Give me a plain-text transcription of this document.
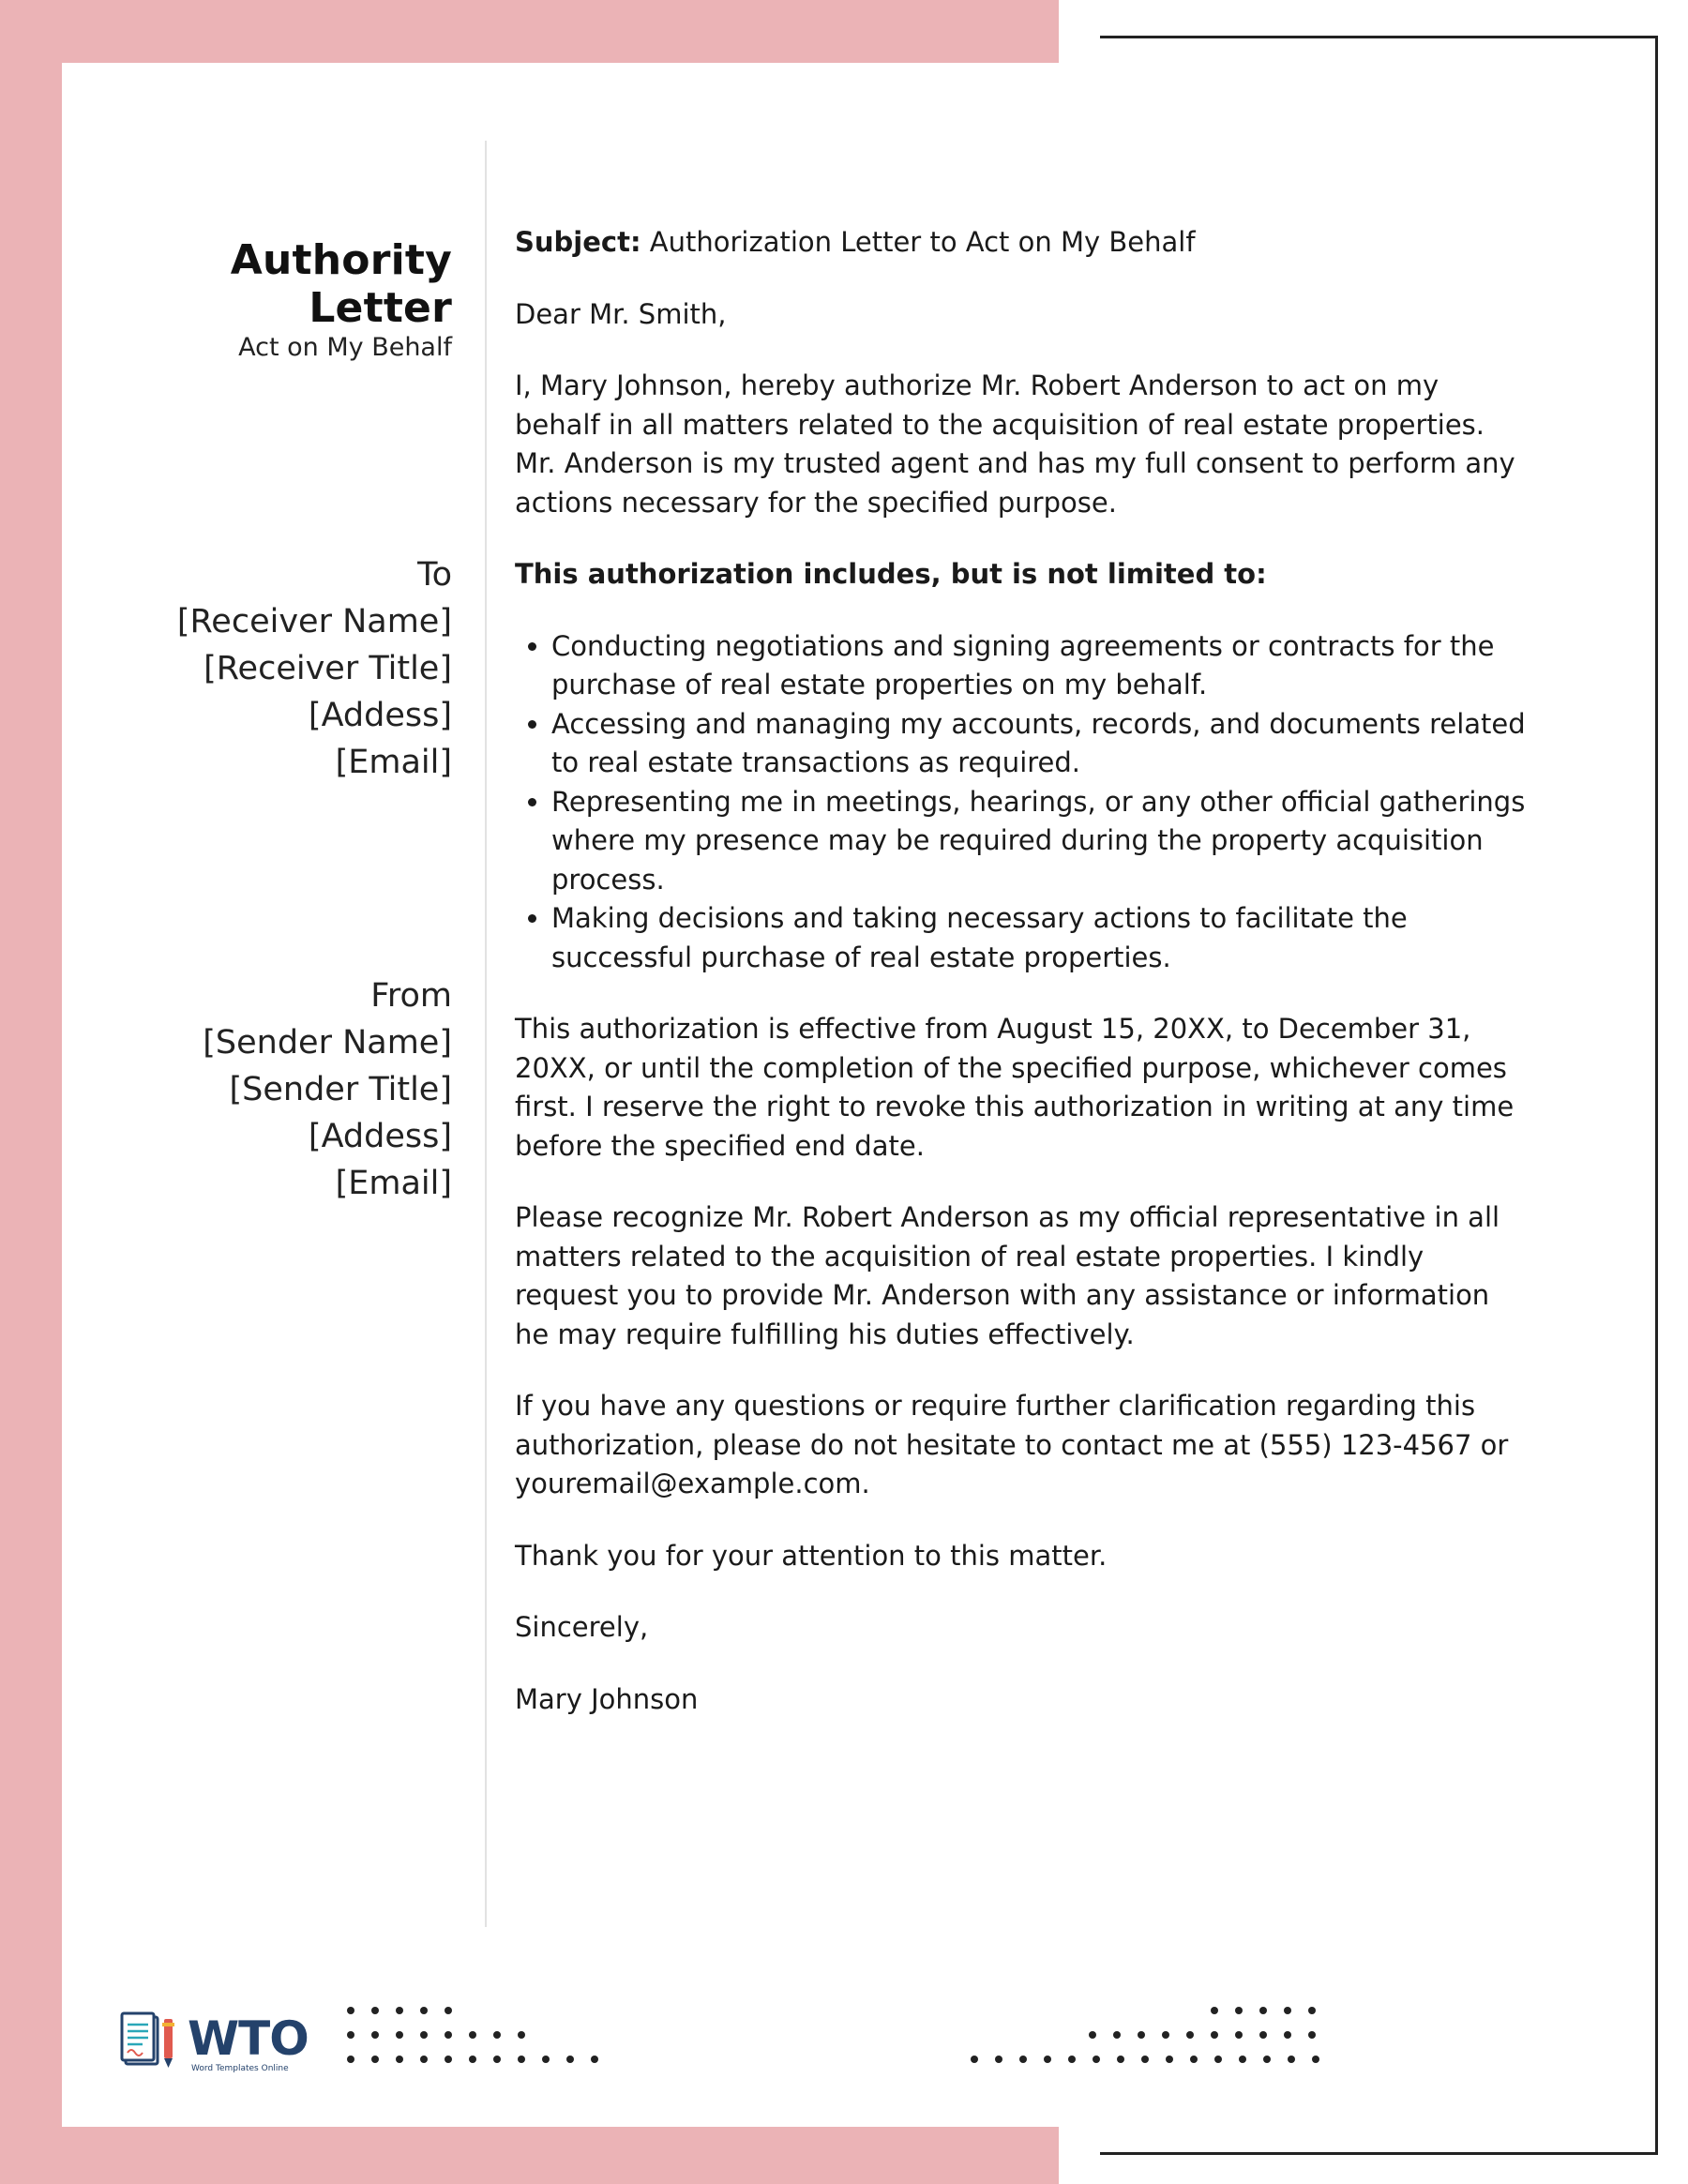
Authority Letter
Act on My Behalf
To
[Receiver Name]
[Receiver Title]
[Addess]
[Email]
From
[Sender Name]
[Sender Title]
[Addess]
[Email]

Subject: Authorization Letter to Act on My Behalf

Dear Mr. Smith,

I, Mary Johnson, hereby authorize Mr. Robert Anderson to act on my behalf in all matters related to the acquisition of real estate properties. Mr. Anderson is my trusted agent and has my full consent to perform any actions necessary for the specified purpose.

This authorization includes, but is not limited to:

• Conducting negotiations and signing agreements or contracts for the purchase of real estate properties on my behalf.
• Accessing and managing my accounts, records, and documents related to real estate transactions as required.
• Representing me in meetings, hearings, or any other official gatherings where my presence may be required during the property acquisition process.
• Making decisions and taking necessary actions to facilitate the successful purchase of real estate properties.

This authorization is effective from August 15, 20XX, to December 31, 20XX, or until the completion of the specified purpose, whichever comes first. I reserve the right to revoke this authorization in writing at any time before the specified end date.

Please recognize Mr. Robert Anderson as my official representative in all matters related to the acquisition of real estate properties. I kindly request you to provide Mr. Anderson with any assistance or information he may require fulfilling his duties effectively.

If you have any questions or require further clarification regarding this authorization, please do not hesitate to contact me at (555) 123-4567 or youremail@example.com.

Thank you for your attention to this matter.

Sincerely,

Mary Johnson

WTO
Word Templates Online
